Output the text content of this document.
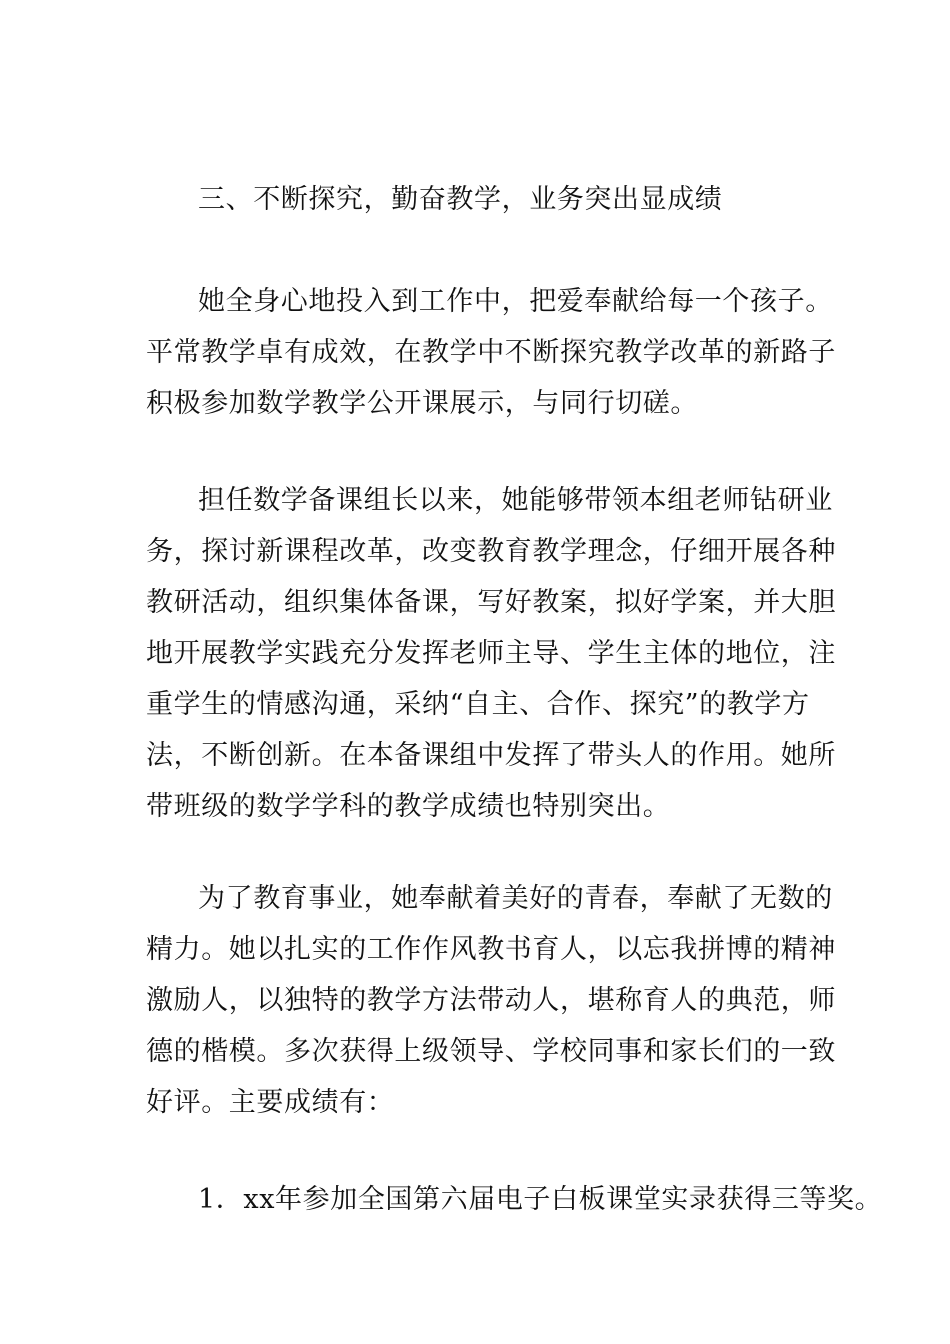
三、不断探究，勤奋教学，业务突出显成绩

她全身心地投入到工作中，把爱奉献给每一个孩子。

平常教学卓有成效，在教学中不断探究教学改革的新路子

积极参加数学教学公开课展示，与同行切磋。

担任数学备课组长以来，她能够带领本组老师钻研业

务，探讨新课程改革，改变教育教学理念，仔细开展各种

教研活动，组织集体备课，写好教案，拟好学案，并大胆

地开展教学实践充分发挥老师主导、学生主体的地位，注

重学生的情感沟通，采纳“自主、合作、探究”的教学方

法，不断创新。在本备课组中发挥了带头人的作用。她所

带班级的数学学科的教学成绩也特别突出。

为了教育事业，她奉献着美好的青春，奉献了无数的

精力。她以扎实的工作作风教书育人，以忘我拼博的精神

激励人，以独特的教学方法带动人，堪称育人的典范，师

德的楷模。多次获得上级领导、学校同事和家长们的一致

好评。主要成绩有：

1．xx年参加全国第六届电子白板课堂实录获得三等奖。
